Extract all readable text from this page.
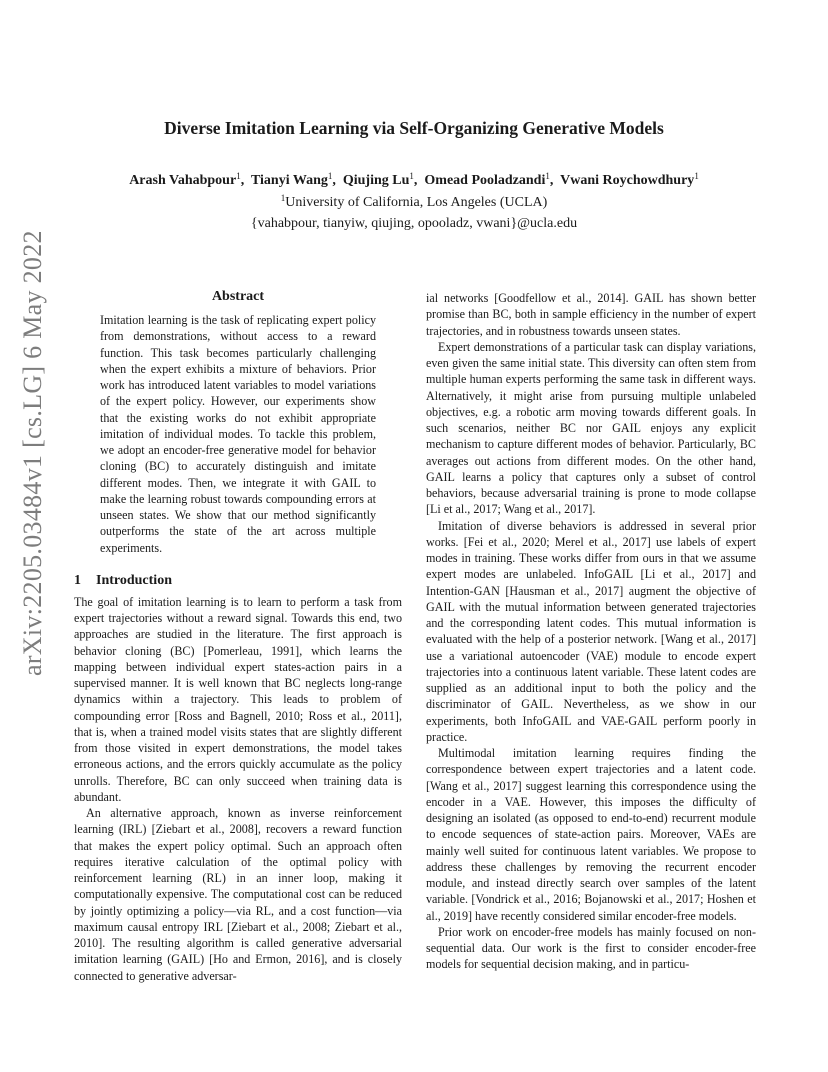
arXiv:2205.03484v1 [cs.LG] 6 May 2022
Diverse Imitation Learning via Self-Organizing Generative Models
Arash Vahabpour$^1$,  Tianyi Wang$^1$,  Qiujing Lu$^1$,  Omead Pooladzandi$^1$,  Vwani Roychowdhury$^1$
$^1$University of California, Los Angeles (UCLA)
{vahabpour, tianyiw, qiujing, opooladz, vwani}@ucla.edu
Abstract

Imitation learning is the task of replicating expert policy from demonstrations, without access to a reward function. This task becomes particularly challenging when the expert exhibits a mixture of behaviors. Prior work has introduced latent variables to model variations of the expert policy. However, our experiments show that the existing works do not exhibit appropriate imitation of individual modes. To tackle this problem, we adopt an encoder-free generative model for behavior cloning (BC) to accurately distinguish and imitate different modes. Then, we integrate it with GAIL to make the learning robust towards compounding errors at unseen states. We show that our method significantly outperforms the state of the art across multiple experiments.

1 Introduction

The goal of imitation learning is to learn to perform a task from expert trajectories without a reward signal. Towards this end, two approaches are studied in the literature. The first approach is behavior cloning (BC) [Pomerleau, 1991], which learns the mapping between individual expert states-action pairs in a supervised manner. It is well known that BC neglects long-range dynamics within a trajectory. This leads to problem of compounding error [Ross and Bagnell, 2010; Ross et al., 2011], that is, when a trained model visits states that are slightly different from those visited in expert demonstrations, the model takes erroneous actions, and the errors quickly accumulate as the policy unrolls. Therefore, BC can only succeed when training data is abundant.

An alternative approach, known as inverse reinforcement learning (IRL) [Ziebart et al., 2008], recovers a reward function that makes the expert policy optimal. Such an approach often requires iterative calculation of the optimal policy with reinforcement learning (RL) in an inner loop, making it computationally expensive. The computational cost can be reduced by jointly optimizing a policy—via RL, and a cost function—via maximum causal entropy IRL [Ziebart et al., 2008; Ziebart et al., 2010]. The resulting algorithm is called generative adversarial imitation learning (GAIL) [Ho and Ermon, 2016], and is closely connected to generative adversar-

ial networks [Goodfellow et al., 2014]. GAIL has shown better promise than BC, both in sample efficiency in the number of expert trajectories, and in robustness towards unseen states.

Expert demonstrations of a particular task can display variations, even given the same initial state. This diversity can often stem from multiple human experts performing the same task in different ways. Alternatively, it might arise from pursuing multiple unlabeled objectives, e.g. a robotic arm moving towards different goals. In such scenarios, neither BC nor GAIL enjoys any explicit mechanism to capture different modes of behavior. Particularly, BC averages out actions from different modes. On the other hand, GAIL learns a policy that captures only a subset of control behaviors, because adversarial training is prone to mode collapse [Li et al., 2017; Wang et al., 2017].

Imitation of diverse behaviors is addressed in several prior works. [Fei et al., 2020; Merel et al., 2017] use labels of expert modes in training. These works differ from ours in that we assume expert modes are unlabeled. InfoGAIL [Li et al., 2017] and Intention-GAN [Hausman et al., 2017] augment the objective of GAIL with the mutual information between generated trajectories and the corresponding latent codes. This mutual information is evaluated with the help of a posterior network. [Wang et al., 2017] use a variational autoencoder (VAE) module to encode expert trajectories into a continuous latent variable. These latent codes are supplied as an additional input to both the policy and the discriminator of GAIL. Nevertheless, as we show in our experiments, both InfoGAIL and VAE-GAIL perform poorly in practice.

Multimodal imitation learning requires finding the correspondence between expert trajectories and a latent code. [Wang et al., 2017] suggest learning this correspondence using the encoder in a VAE. However, this imposes the difficulty of designing an isolated (as opposed to end-to-end) recurrent module to encode sequences of state-action pairs. Moreover, VAEs are mainly well suited for continuous latent variables. We propose to address these challenges by removing the recurrent encoder module, and instead directly search over samples of the latent variable. [Vondrick et al., 2016; Bojanowski et al., 2017; Hoshen et al., 2019] have recently considered similar encoder-free models.

Prior work on encoder-free models has mainly focused on non-sequential data. Our work is the first to consider encoder-free models for sequential decision making, and in particu-
